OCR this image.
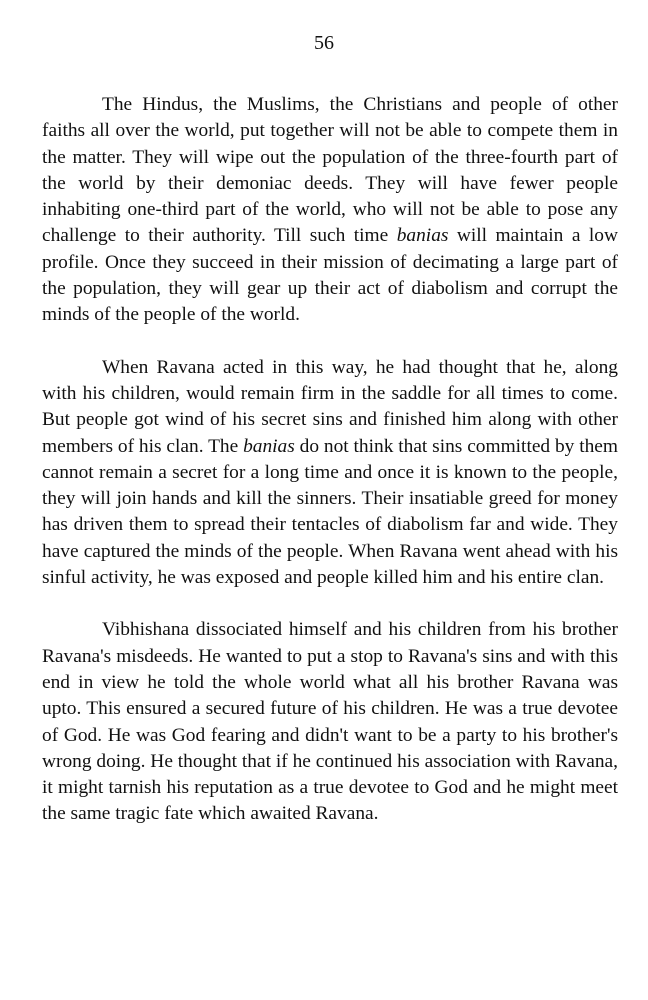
56

The Hindus, the Muslims, the Christians and people of other faiths all over the world, put together will not be able to compete them in the matter. They will wipe out the population of the three-fourth part of the world by their demoniac deeds. They will have fewer people inhabiting one-third part of the world, who will not be able to pose any challenge to their authority. Till such time banias will maintain a low profile. Once they succeed in their mission of decimating a large part of the population, they will gear up their act of diabolism and corrupt the minds of the people of the world.

When Ravana acted in this way, he had thought that he, along with his children, would remain firm in the saddle for all times to come. But people got wind of his secret sins and finished him along with other members of his clan. The banias do not think that sins committed by them cannot remain a secret for a long time and once it is known to the people, they will join hands and kill the sinners. Their insatiable greed for money has driven them to spread their tentacles of diabolism far and wide. They have captured the minds of the people. When Ravana went ahead with his sinful activity, he was exposed and people killed him and his entire clan.

Vibhishana dissociated himself and his children from his brother Ravana's misdeeds. He wanted to put a stop to Ravana's sins and with this end in view he told the whole world what all his brother Ravana was upto. This ensured a secured future of his children. He was a true devotee of God. He was God fearing and didn't want to be a party to his brother's wrong doing. He thought that if he continued his association with Ravana, it might tarnish his reputation as a true devotee to God and he might meet the same tragic fate which awaited Ravana.
